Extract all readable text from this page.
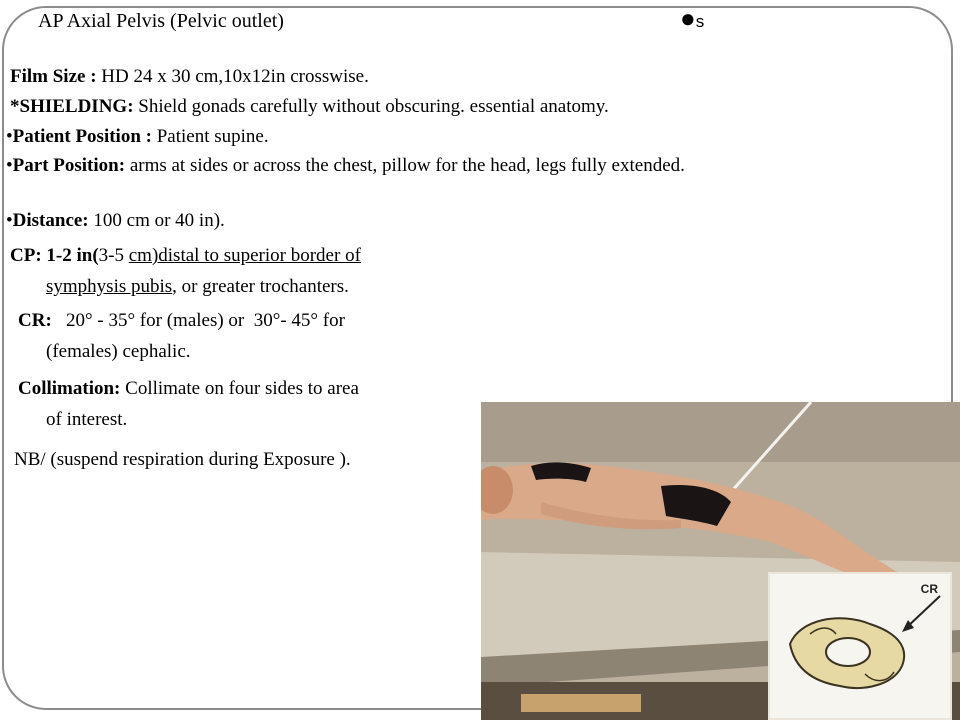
AP Axial Pelvis (Pelvic outlet)	●s
Film Size : HD 24 x 30 cm,10x12in crosswise.
*SHIELDING: Shield gonads carefully without obscuring. essential anatomy.
•Patient Position : Patient supine.
•Part Position: arms at sides or across the chest, pillow for the head, legs fully extended.
•Distance: 100 cm or 40 in).
CP: 1-2 in(3-5 cm)distal to superior border of
symphysis pubis, or greater trochanters.
CR:   20° - 35° for (males) or  30°- 45° for
(females) cephalic.
Collimation: Collimate on four sides to area
of interest.
NB/ (suspend respiration during Exposure ).
CR
